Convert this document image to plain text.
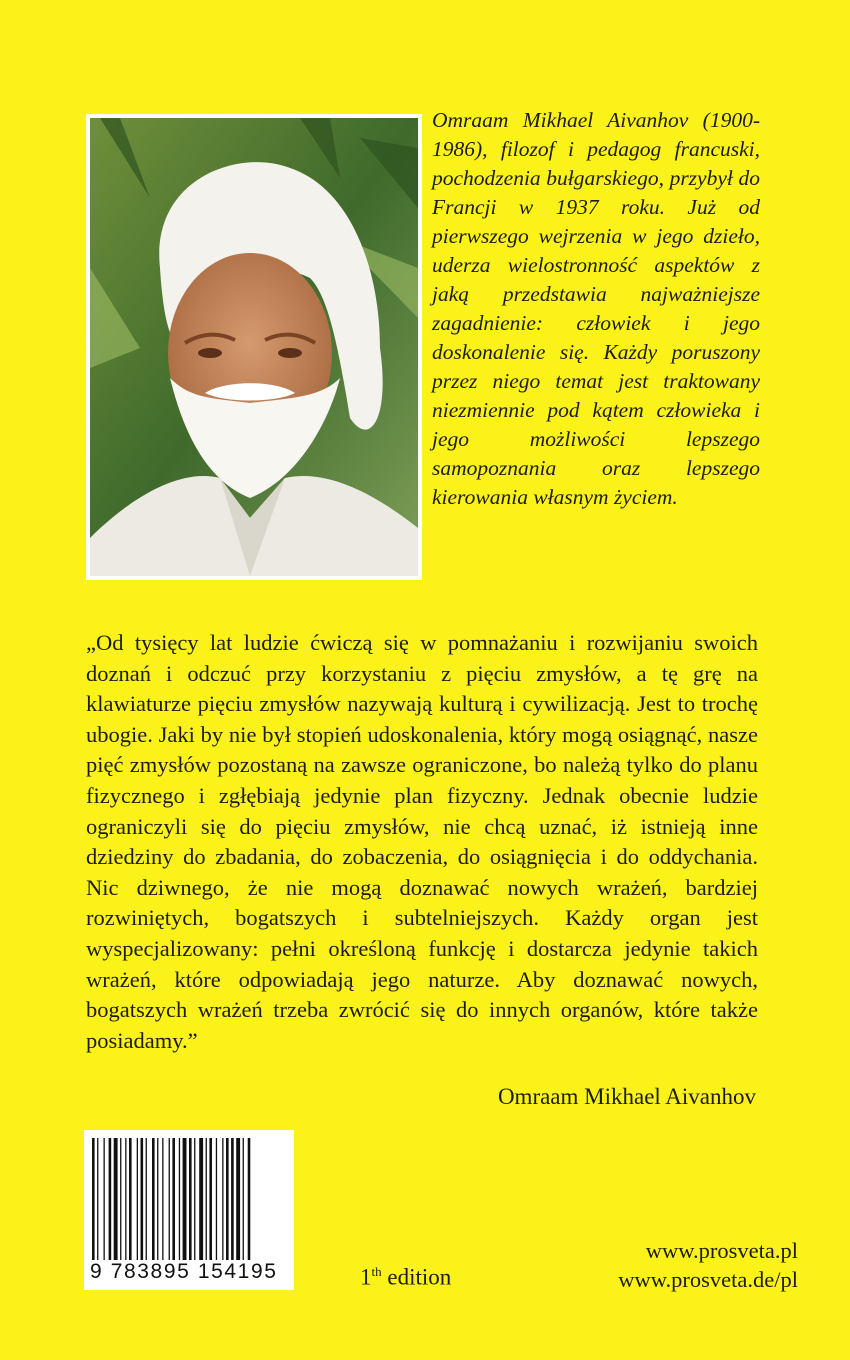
Omraam Mikhael Aivanhov (1900-1986), filozof i pedagog francuski, pochodzenia bułgarskiego, przybył do Francji w 1937 roku. Już od pierwszego wejrzenia w jego dzieło, uderza wielostronność aspektów z jaką przedstawia najważniejsze zagadnienie: człowiek i jego doskonalenie się. Każdy poruszony przez niego temat jest traktowany niezmiennie pod kątem człowieka i jego możliwości lepszego samopoznania oraz lepszego kierowania własnym życiem.

„Od tysięcy lat ludzie ćwiczą się w pomnażaniu i rozwijaniu swoich doznań i odczuć przy korzystaniu z pięciu zmysłów, a tę grę na klawiaturze pięciu zmysłów nazywają kulturą i cywilizacją. Jest to trochę ubogie. Jaki by nie był stopień udoskonalenia, który mogą osiągnąć, nasze pięć zmysłów pozostaną na zawsze ograniczone, bo należą tylko do planu fizycznego i zgłębiają jedynie plan fizyczny. Jednak obecnie ludzie ograniczyli się do pięciu zmysłów, nie chcą uznać, iż istnieją inne dziedziny do zbadania, do zobaczenia, do osiągnięcia i do oddychania. Nic dziwnego, że nie mogą doznawać nowych wrażeń, bardziej rozwiniętych, bogatszych i subtelniejszych. Każdy organ jest wyspecjalizowany: pełni określoną funkcję i dostarcza jedynie takich wrażeń, które odpowiadają jego naturze. Aby doznawać nowych, bogatszych wrażeń trzeba zwrócić się do innych organów, które także posiadamy.”

Omraam Mikhael Aivanhov

9 783895 154195	1th edition

www.prosveta.pl
www.prosveta.de/pl
